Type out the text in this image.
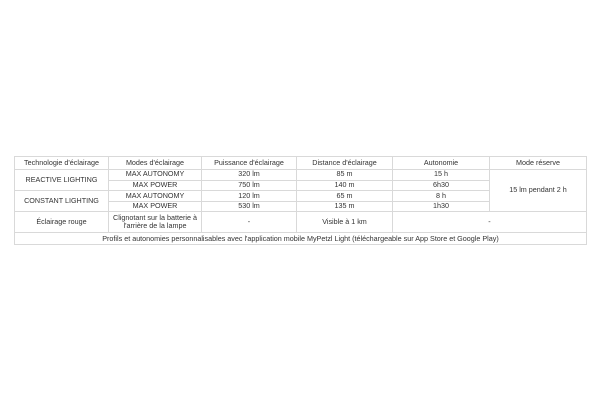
Technologie d'éclairage	Modes d'éclairage	Puissance d'éclairage	Distance d'éclairage	Autonomie	Mode réserve
REACTIVE LIGHTING	MAX AUTONOMY	320 lm	85 m	15 h	15 lm pendant 2 h
	MAX POWER	750 lm	140 m	6h30	
CONSTANT LIGHTING	MAX AUTONOMY	120 lm	65 m	8 h	
	MAX POWER	530 lm	135 m	1h30	
Éclairage rouge	Clignotant sur la batterie à l'arrière de la lampe	-	Visible à 1 km	-	
Profils et autonomies personnalisables avec l'application mobile MyPetzl Light (téléchargeable sur App Store et Google Play)					
